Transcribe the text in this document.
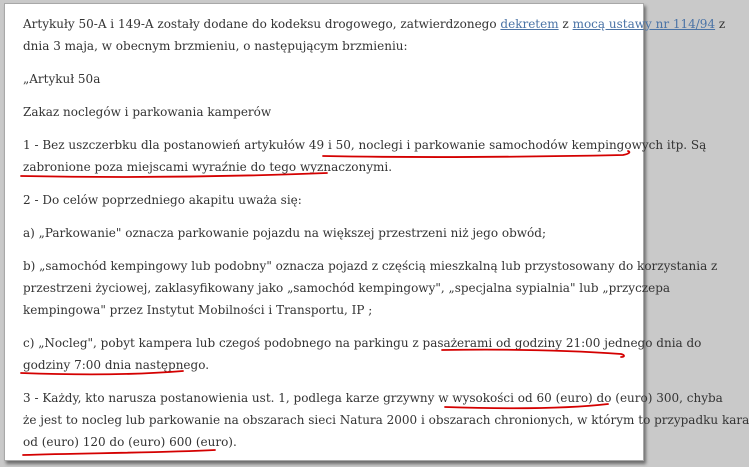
Artykuły 50-A i 149-A zostały dodane do kodeksu drogowego, zatwierdzonego dekretem z mocą ustawy nr 114/94 z
dnia 3 maja, w obecnym brzmieniu, o następującym brzmieniu:

„Artykuł 50a

Zakaz noclegów i parkowania kamperów

1 - Bez uszczerbku dla postanowień artykułów 49 i 50, noclegi i parkowanie samochodów kempingowych itp. Są
zabronione poza miejscami wyraźnie do tego wyznaczonymi.

2 - Do celów poprzedniego akapitu uważa się:

a) „Parkowanie" oznacza parkowanie pojazdu na większej przestrzeni niż jego obwód;

b) „samochód kempingowy lub podobny" oznacza pojazd z częścią mieszkalną lub przystosowany do korzystania z
przestrzeni życiowej, zaklasyfikowany jako „samochód kempingowy", „specjalna sypialnia" lub „przyczepa
kempingowa" przez Instytut Mobilności i Transportu, IP ;

c) „Nocleg", pobyt kampera lub czegoś podobnego na parkingu z pasażerami od godziny 21:00 jednego dnia do
godziny 7:00 dnia następnego.

3 - Każdy, kto narusza postanowienia ust. 1, podlega karze grzywny w wysokości od 60 (euro) do (euro) 300, chyba
że jest to nocleg lub parkowanie na obszarach sieci Natura 2000 i obszarach chronionych, w którym to przypadku kara
od (euro) 120 do (euro) 600 (euro).
